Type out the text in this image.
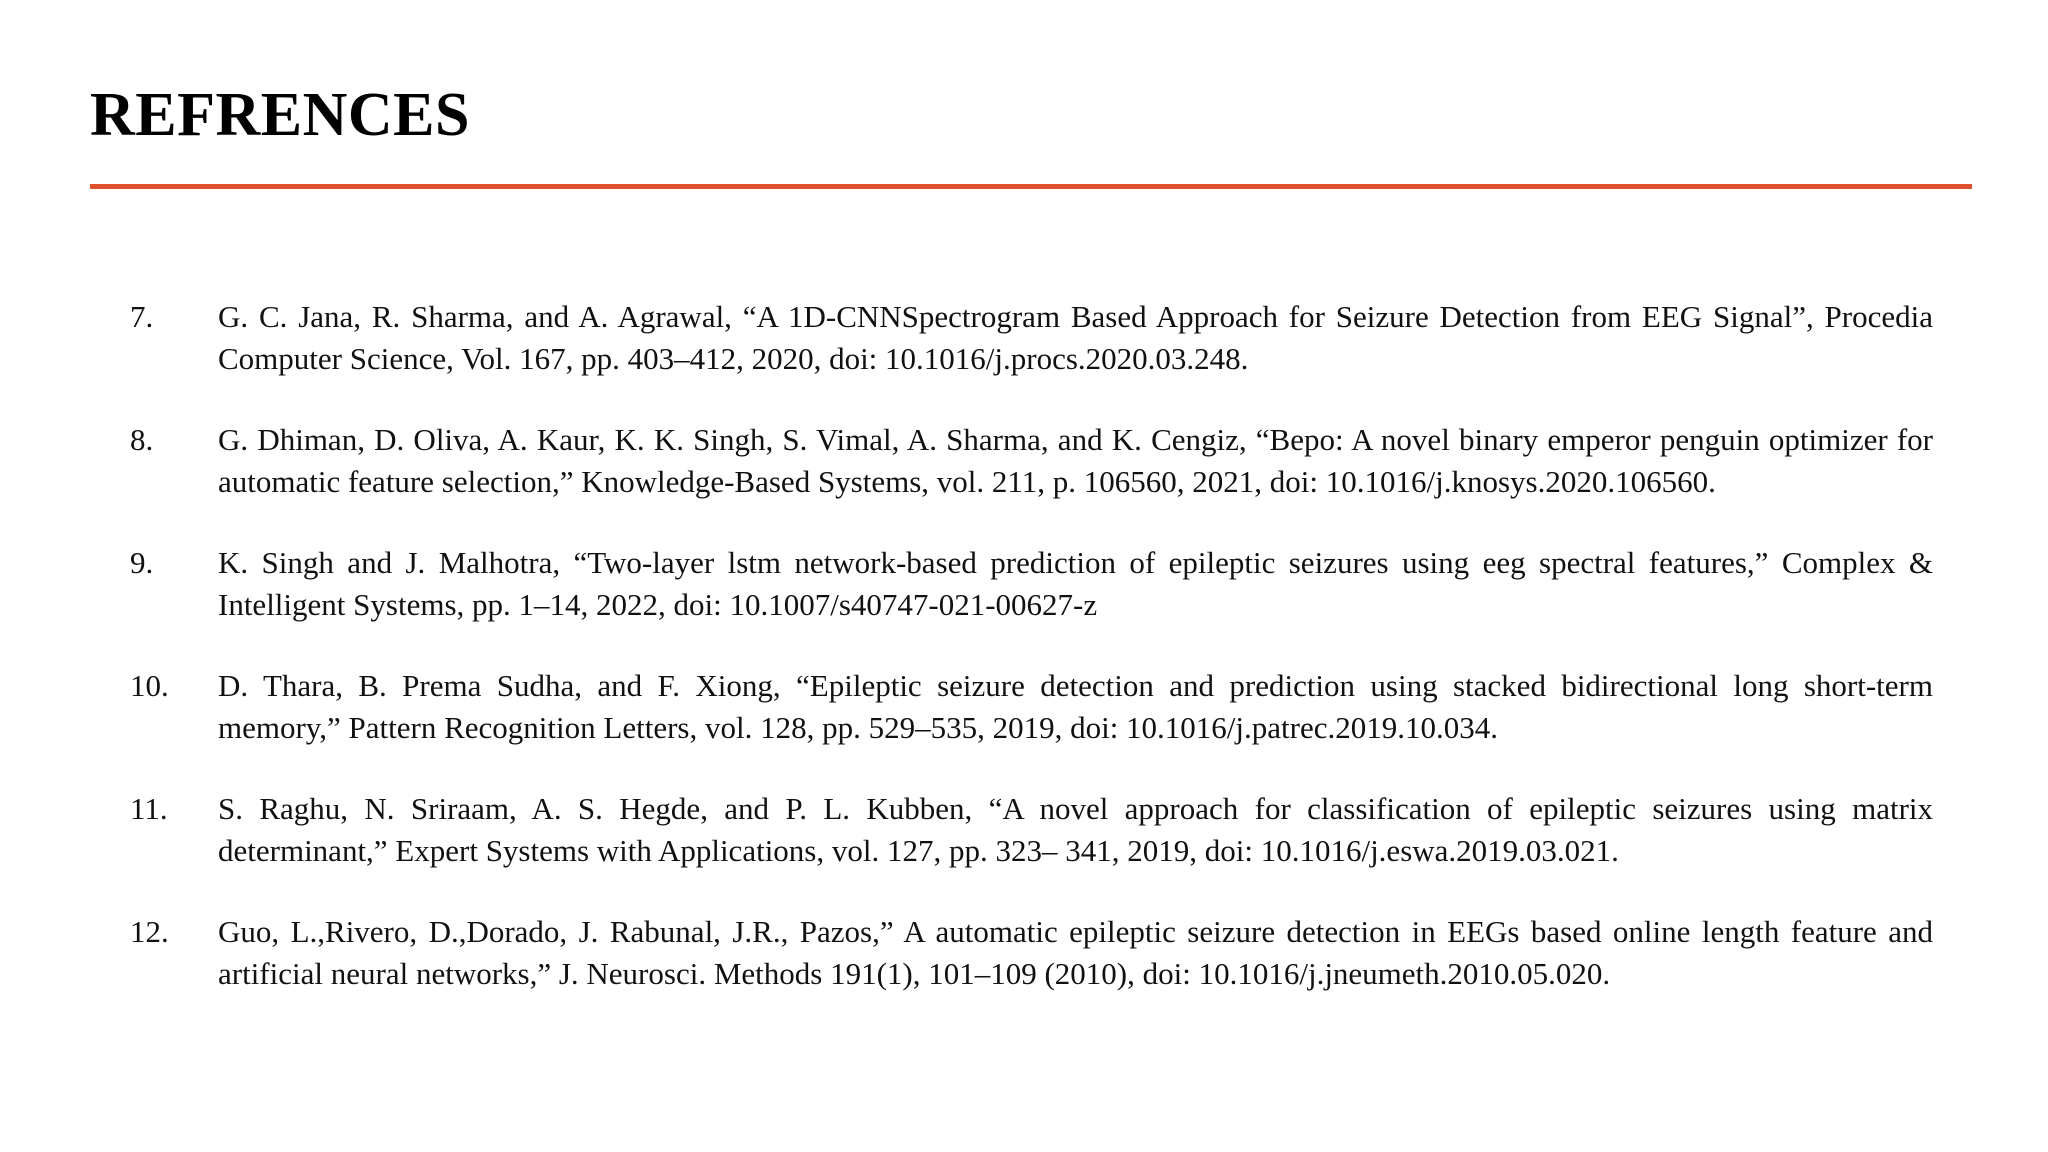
REFRENCES
7.	G. C. Jana, R. Sharma, and A. Agrawal, “A 1D-CNNSpectrogram Based Approach for Seizure Detection from EEG Signal”, Procedia Computer Science, Vol. 167, pp. 403–412, 2020, doi: 10.1016/j.procs.2020.03.248.
8.	G. Dhiman, D. Oliva, A. Kaur, K. K. Singh, S. Vimal, A. Sharma, and K. Cengiz, “Bepo: A novel binary emperor penguin optimizer for automatic feature selection,” Knowledge-Based Systems, vol. 211, p. 106560, 2021, doi: 10.1016/j.knosys.2020.106560.
9.	K. Singh and J. Malhotra, “Two-layer lstm network-based prediction of epileptic seizures using eeg spectral features,” Complex & Intelligent Systems, pp. 1–14, 2022, doi: 10.1007/s40747-021-00627-z
10.	D. Thara, B. Prema Sudha, and F. Xiong, “Epileptic seizure detection and prediction using stacked bidirectional long short-term memory,” Pattern Recognition Letters, vol. 128, pp. 529–535, 2019, doi: 10.1016/j.patrec.2019.10.034.
11.	S. Raghu, N. Sriraam, A. S. Hegde, and P. L. Kubben, “A novel approach for classification of epileptic seizures using matrix determinant,” Expert Systems with Applications, vol. 127, pp. 323– 341, 2019, doi: 10.1016/j.eswa.2019.03.021.
12.	Guo, L.,Rivero, D.,Dorado, J. Rabunal, J.R., Pazos,” A automatic epileptic seizure detection in EEGs based online length feature and artificial neural networks,” J. Neurosci. Methods 191(1), 101–109 (2010), doi: 10.1016/j.jneumeth.2010.05.020.
